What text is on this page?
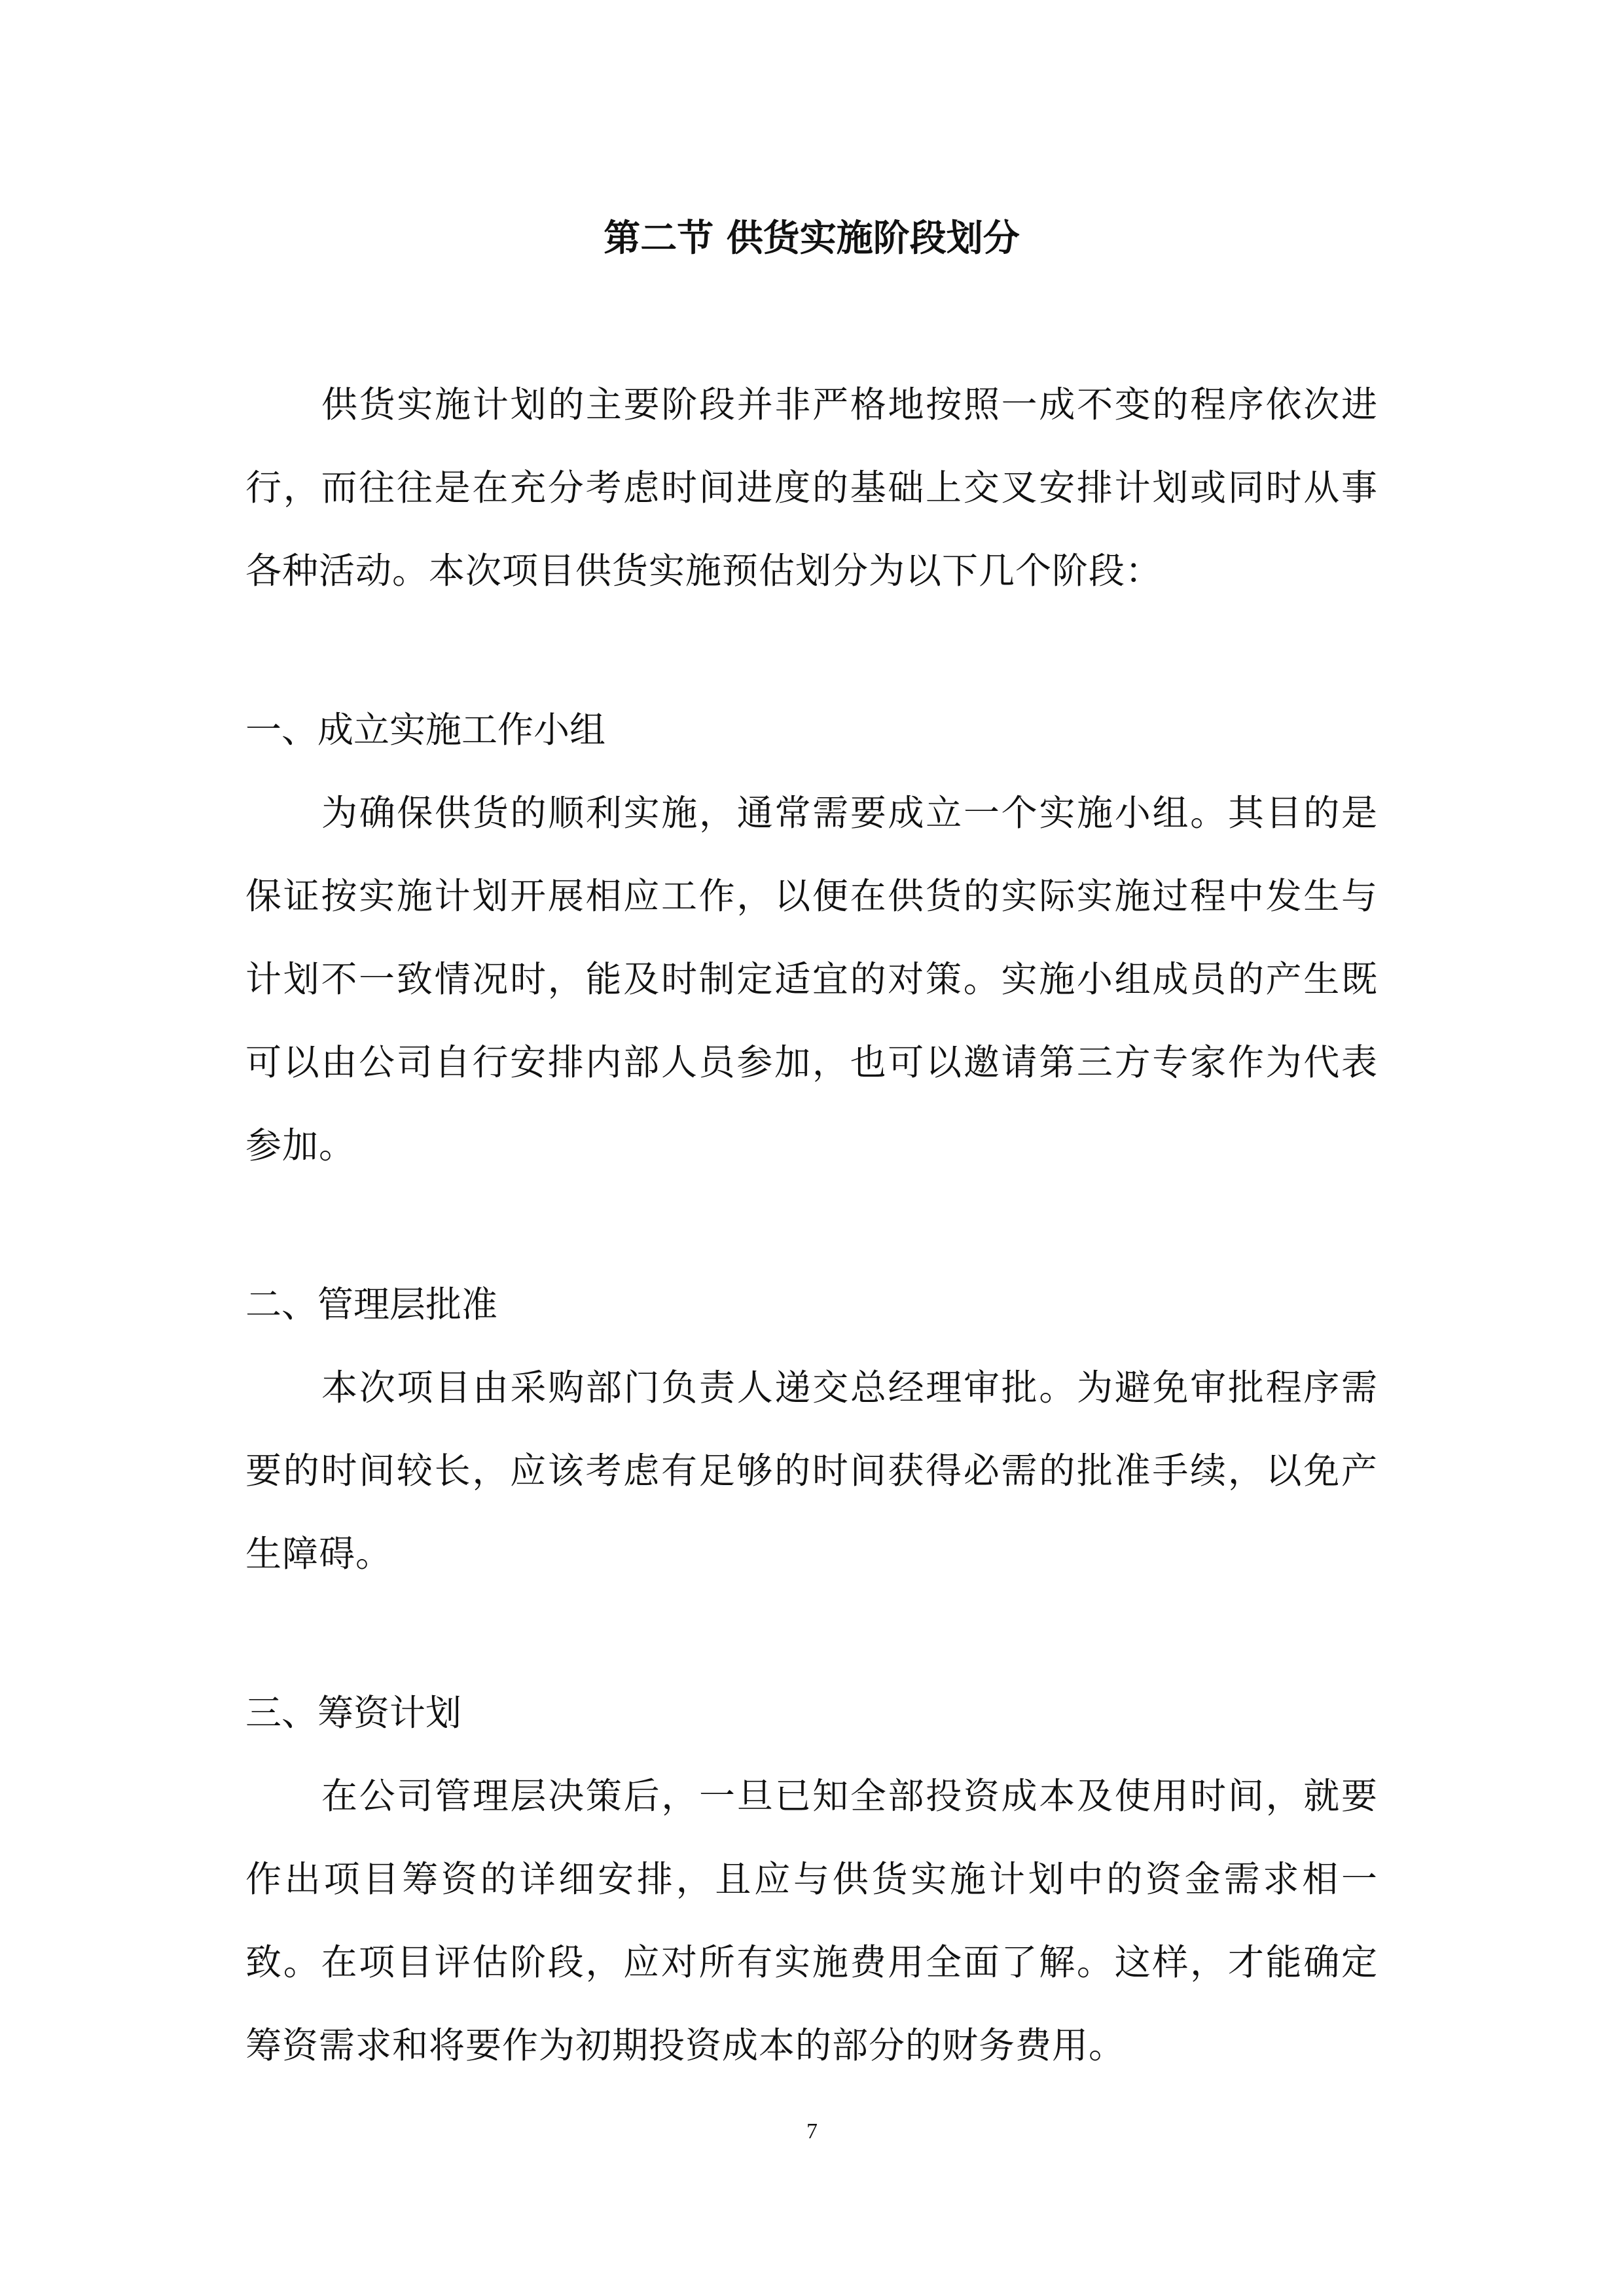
第二节 供货实施阶段划分

供货实施计划的主要阶段并非严格地按照一成不变的程序依次进行，而往往是在充分考虑时间进度的基础上交叉安排计划或同时从事各种活动。本次项目供货实施预估划分为以下几个阶段：

一、成立实施工作小组

为确保供货的顺利实施，通常需要成立一个实施小组。其目的是保证按实施计划开展相应工作，以便在供货的实际实施过程中发生与计划不一致情况时，能及时制定适宜的对策。实施小组成员的产生既可以由公司自行安排内部人员参加，也可以邀请第三方专家作为代表参加。

二、管理层批准

本次项目由采购部门负责人递交总经理审批。为避免审批程序需要的时间较长，应该考虑有足够的时间获得必需的批准手续，以免产生障碍。

三、筹资计划

在公司管理层决策后，一旦已知全部投资成本及使用时间，就要作出项目筹资的详细安排，且应与供货实施计划中的资金需求相一致。在项目评估阶段，应对所有实施费用全面了解。这样，才能确定筹资需求和将要作为初期投资成本的部分的财务费用。

7
